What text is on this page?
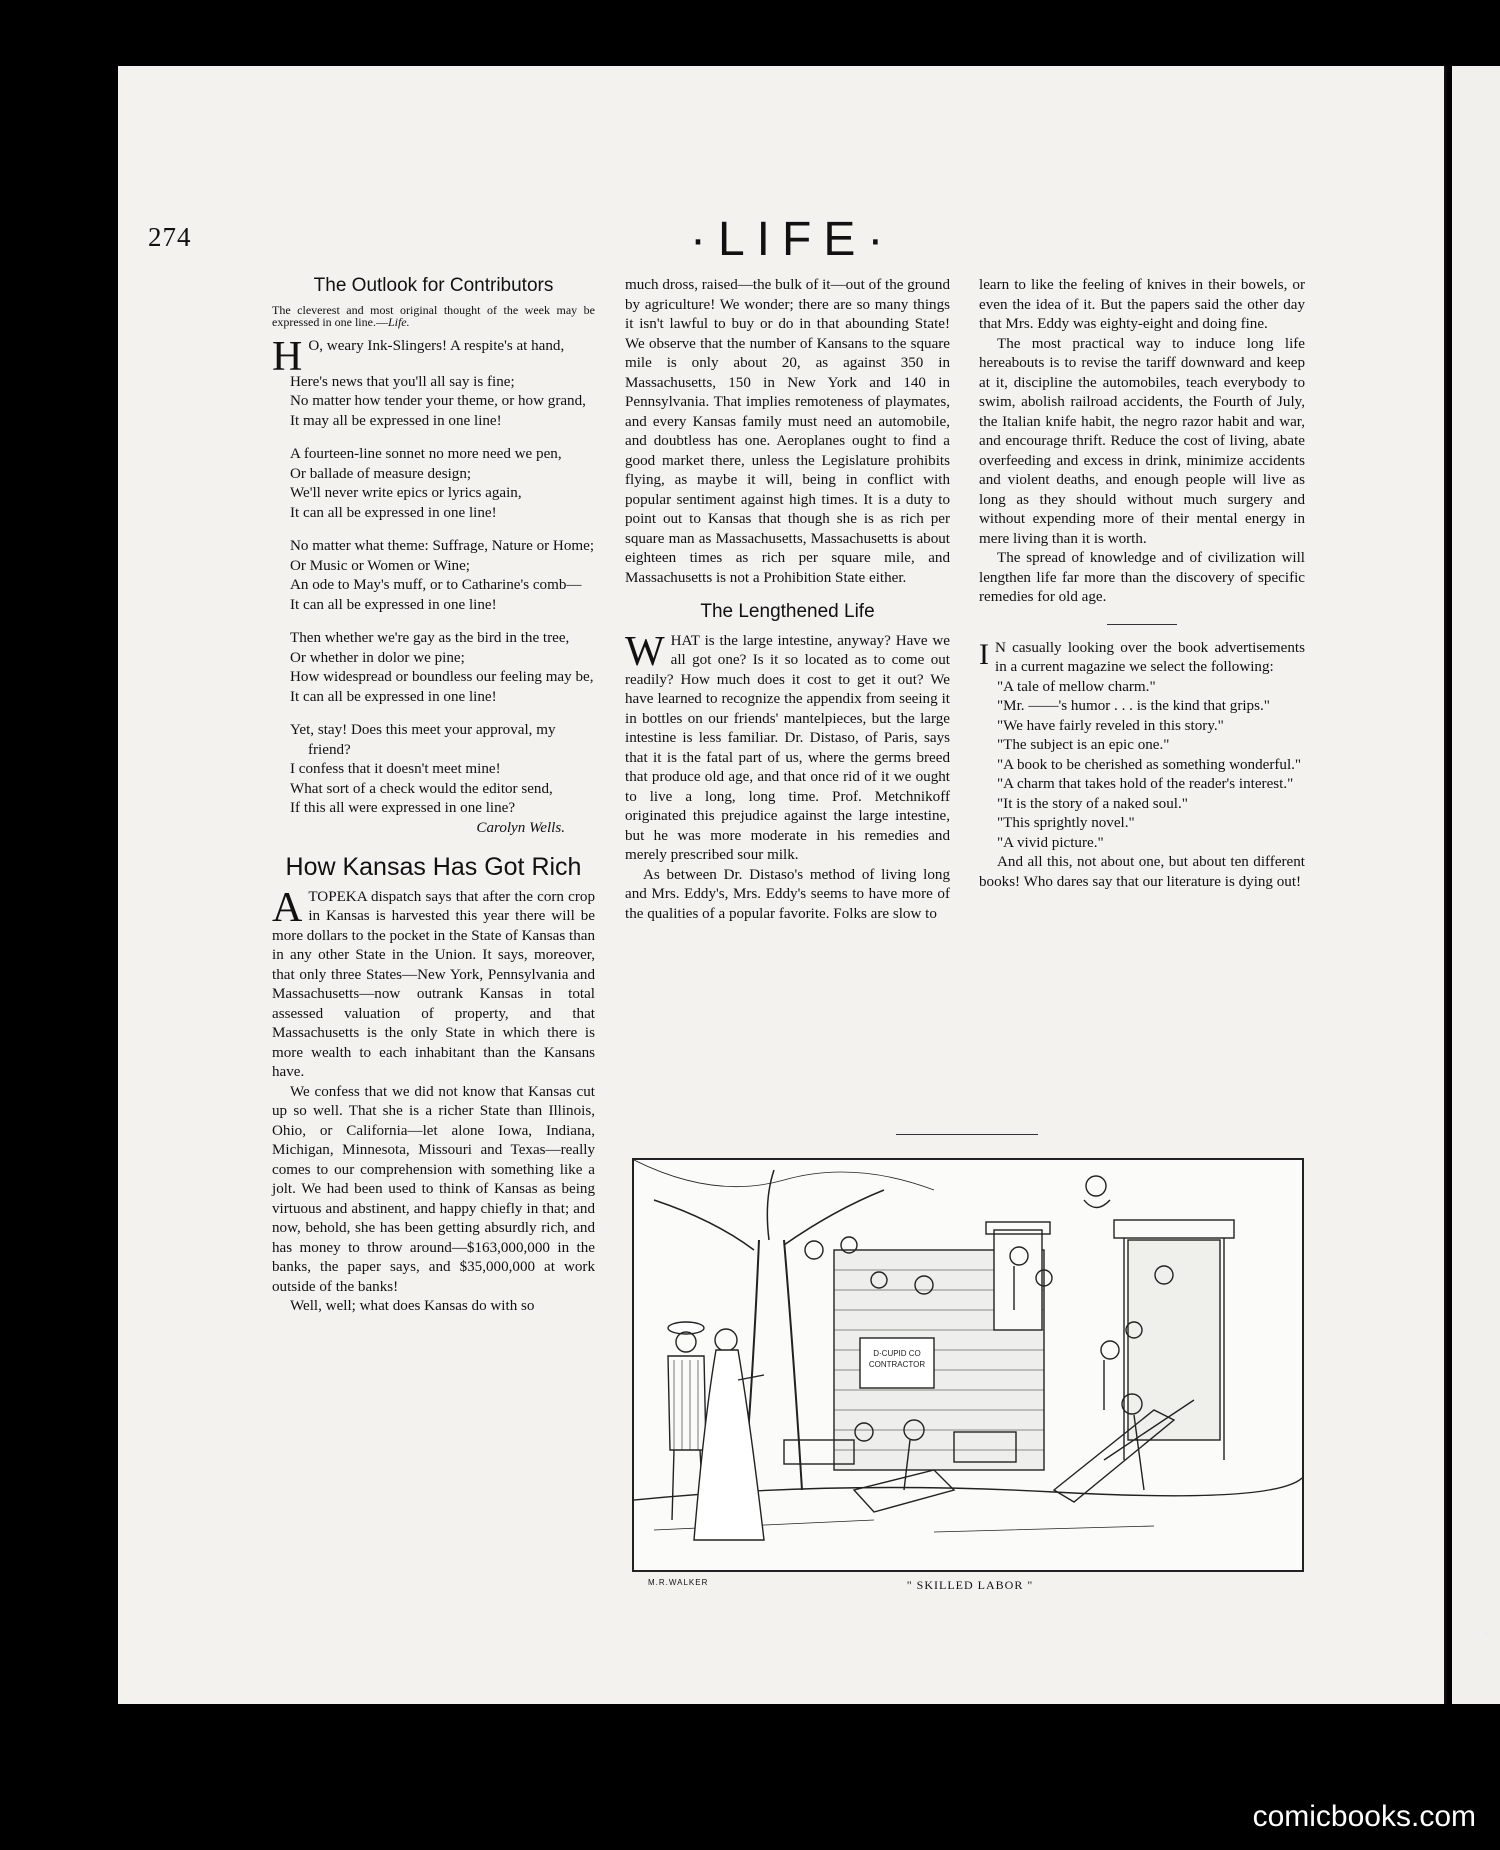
274	·LIFE·
The Outlook for Contributors

The cleverest and most original thought of the week may be expressed in one line.—Life.

H O, weary Ink-Slingers! A respite's at hand,
Here's news that you'll all say is fine;
No matter how tender your theme, or how grand,
It may all be expressed in one line!

A fourteen-line sonnet no more need we pen,
Or ballade of measure design;
We'll never write epics or lyrics again,
It can all be expressed in one line!

No matter what theme: Suffrage, Nature or Home;
Or Music or Women or Wine;
An ode to May's muff, or to Catharine's comb—
It can all be expressed in one line!

Then whether we're gay as the bird in the tree,
Or whether in dolor we pine;
How widespread or boundless our feeling may be,
It can all be expressed in one line!

Yet, stay! Does this meet your approval, my friend?
I confess that it doesn't meet mine!
What sort of a check would the editor send,
If this all were expressed in one line?

Carolyn Wells.

How Kansas Has Got Rich

ATOPEKA dispatch says that after the corn crop in Kansas is harvested this year there will be more dollars to the pocket in the State of Kansas than in any other State in the Union. It says, moreover, that only three States—New York, Pennsylvania and Massachusetts—now outrank Kansas in total assessed valuation of property, and that Massachusetts is the only State in which there is more wealth to each inhabitant than the Kansans have.

We confess that we did not know that Kansas cut up so well. That she is a richer State than Illinois, Ohio, or California—let alone Iowa, Indiana, Michigan, Minnesota, Missouri and Texas—really comes to our comprehension with something like a jolt. We had been used to think of Kansas as being virtuous and abstinent, and happy chiefly in that; and now, behold, she has been getting absurdly rich, and has money to throw around—$163,000,000 in the banks, the paper says, and $35,000,000 at work outside of the banks!

Well, well; what does Kansas do with so

much dross, raised—the bulk of it—out of the ground by agriculture! We wonder; there are so many things it isn't lawful to buy or do in that abounding State! We observe that the number of Kansans to the square mile is only about 20, as against 350 in Massachusetts, 150 in New York and 140 in Pennsylvania. That implies remoteness of playmates, and every Kansas family must need an automobile, and doubtless has one. Aeroplanes ought to find a good market there, unless the Legislature prohibits flying, as maybe it will, being in conflict with popular sentiment against high times. It is a duty to point out to Kansas that though she is as rich per square man as Massachusetts, Massachusetts is about eighteen times as rich per square mile, and Massachusetts is not a Prohibition State either.

The Lengthened Life

WHAT is the large intestine, anyway? Have we all got one? Is it so located as to come out readily? How much does it cost to get it out? We have learned to recognize the appendix from seeing it in bottles on our friends' mantelpieces, but the large intestine is less familiar. Dr. Distaso, of Paris, says that it is the fatal part of us, where the germs breed that produce old age, and that once rid of it we ought to live a long, long time. Prof. Metchnikoff originated this prejudice against the large intestine, but he was more moderate in his remedies and merely prescribed sour milk.

As between Dr. Distaso's method of living long and Mrs. Eddy's, Mrs. Eddy's seems to have more of the qualities of a popular favorite. Folks are slow to

learn to like the feeling of knives in their bowels, or even the idea of it. But the papers said the other day that Mrs. Eddy was eighty-eight and doing fine.

The most practical way to induce long life hereabouts is to revise the tariff downward and keep at it, discipline the automobiles, teach everybody to swim, abolish railroad accidents, the Fourth of July, the Italian knife habit, the negro razor habit and war, and encourage thrift. Reduce the cost of living, abate overfeeding and excess in drink, minimize accidents and violent deaths, and enough people will live as long as they should without much surgery and without expending more of their mental energy in mere living than it is worth.

The spread of knowledge and of civilization will lengthen life far more than the discovery of specific remedies for old age.

I N casually looking over the book advertisements in a current magazine we select the following:

"A tale of mellow charm."

"Mr. ——'s humor . . . is the kind that grips."

"We have fairly reveled in this story."

"The subject is an epic one."

"A book to be cherished as something wonderful."

"A charm that takes hold of the reader's interest."

"It is the story of a naked soul."

"This sprightly novel."

"A vivid picture."

And all this, not about one, but about ten different books! Who dares say that our literature is dying out!

D·CUPID CO
CONTRACTOR
M.R.WALKER	" SKILLED LABOR "
comicbooks.com
